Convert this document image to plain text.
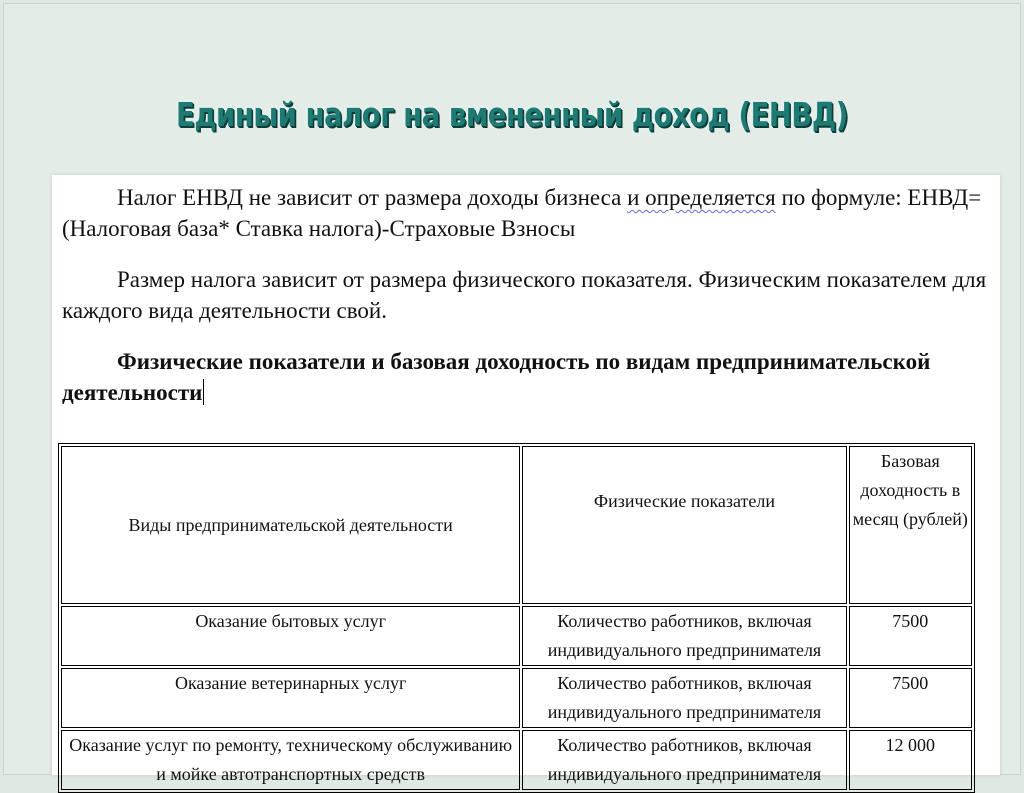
Единый налог на вмененный доход (ЕНВД)

Налог ЕНВД не зависит от размера доходы бизнеса и определяется по формуле: ЕНВД=(Налоговая база* Ставка налога)-Страховые Взносы

Размер налога зависит от размера физического показателя. Физическим показателем для каждого вида деятельности свой.

Физические показатели и базовая доходность по видам предпринимательской деятельности

Виды предпринимательской деятельности	Физические показатели	Базовая доходность в месяц (рублей)
Оказание бытовых услуг	Количество работников, включая индивидуального предпринимателя	7500
Оказание ветеринарных услуг	Количество работников, включая индивидуального предпринимателя	7500
Оказание услуг по ремонту, техническому обслуживанию и мойке автотранспортных средств	Количество работников, включая индивидуального предпринимателя	12 000
